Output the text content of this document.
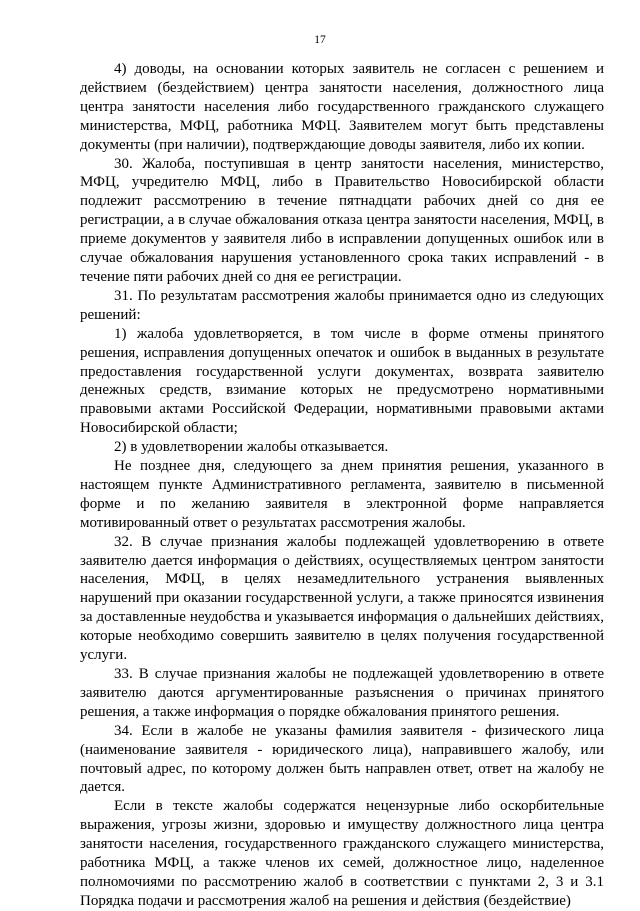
17

4) доводы, на основании которых заявитель не согласен с решением и действием (бездействием) центра занятости населения, должностного лица центра занятости населения либо государственного гражданского служащего министерства, МФЦ, работника МФЦ. Заявителем могут быть представлены документы (при наличии), подтверждающие доводы заявителя, либо их копии.

30. Жалоба, поступившая в центр занятости населения, министерство, МФЦ, учредителю МФЦ, либо в Правительство Новосибирской области подлежит рассмотрению в течение пятнадцати рабочих дней со дня ее регистрации, а в случае обжалования отказа центра занятости населения, МФЦ, в приеме документов у заявителя либо в исправлении допущенных ошибок или в случае обжалования нарушения установленного срока таких исправлений - в течение пяти рабочих дней со дня ее регистрации.

31. По результатам рассмотрения жалобы принимается одно из следующих решений:

1) жалоба удовлетворяется, в том числе в форме отмены принятого решения, исправления допущенных опечаток и ошибок в выданных в результате предоставления государственной услуги документах, возврата заявителю денежных средств, взимание которых не предусмотрено нормативными правовыми актами Российской Федерации, нормативными правовыми актами Новосибирской области;

2) в удовлетворении жалобы отказывается.

Не позднее дня, следующего за днем принятия решения, указанного в настоящем пункте Административного регламента, заявителю в письменной форме и по желанию заявителя в электронной форме направляется мотивированный ответ о результатах рассмотрения жалобы.

32. В случае признания жалобы подлежащей удовлетворению в ответе заявителю дается информация о действиях, осуществляемых центром занятости населения, МФЦ, в целях незамедлительного устранения выявленных нарушений при оказании государственной услуги, а также приносятся извинения за доставленные неудобства и указывается информация о дальнейших действиях, которые необходимо совершить заявителю в целях получения государственной услуги.

33. В случае признания жалобы не подлежащей удовлетворению в ответе заявителю даются аргументированные разъяснения о причинах принятого решения, а также информация о порядке обжалования принятого решения.

34. Если в жалобе не указаны фамилия заявителя - физического лица (наименование заявителя - юридического лица), направившего жалобу, или почтовый адрес, по которому должен быть направлен ответ, ответ на жалобу не дается.

Если в тексте жалобы содержатся нецензурные либо оскорбительные выражения, угрозы жизни, здоровью и имуществу должностного лица центра занятости населения, государственного гражданского служащего министерства, работника МФЦ, а также членов их семей, должностное лицо, наделенное полномочиями по рассмотрению жалоб в соответствии с пунктами 2, 3 и 3.1 Порядка подачи и рассмотрения жалоб на решения и действия (бездействие)
